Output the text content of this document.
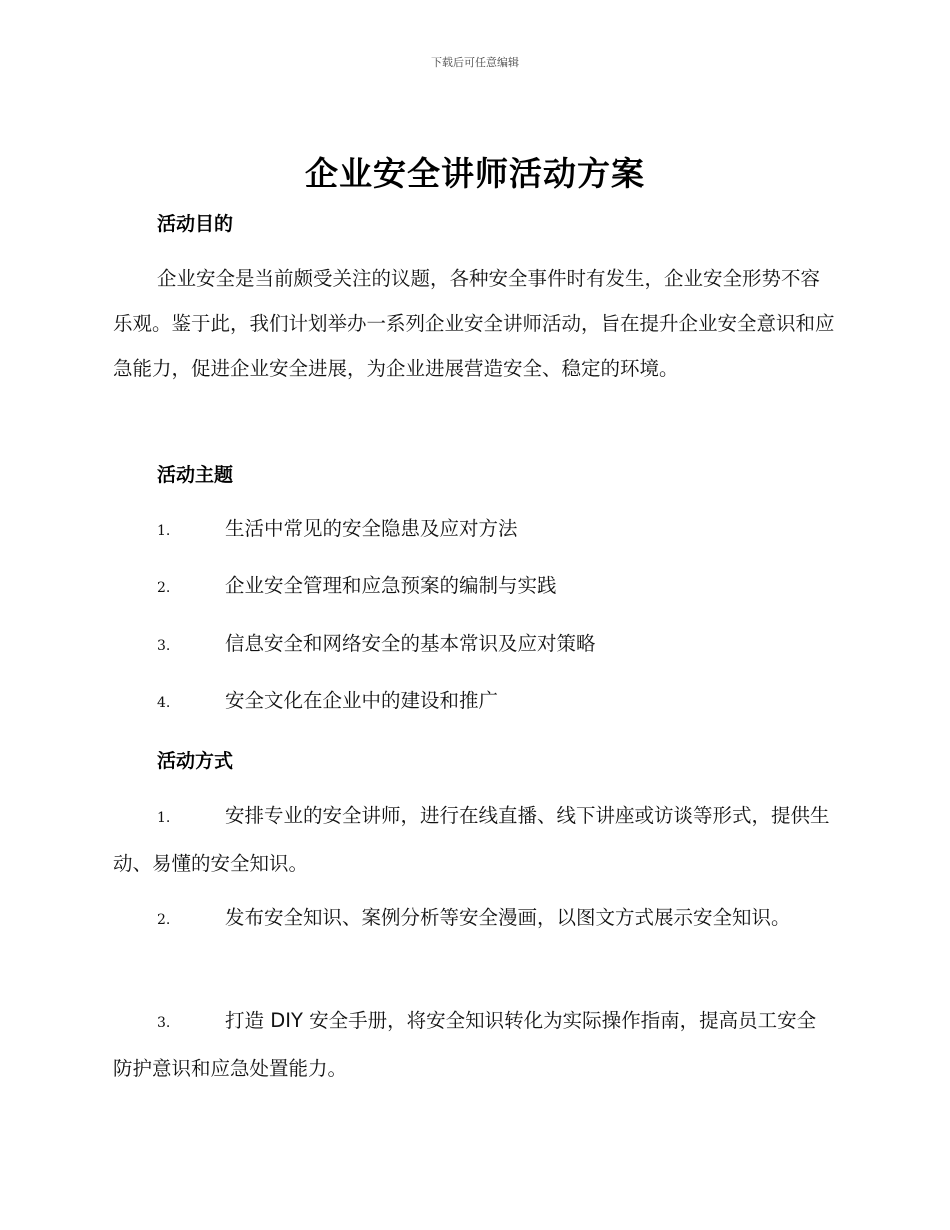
下载后可任意编辑
企业安全讲师活动方案
活动目的

企业安全是当前颇受关注的议题，各种安全事件时有发生，企业安全形势不容乐观。鉴于此，我们计划举办一系列企业安全讲师活动，旨在提升企业安全意识和应急能力，促进企业安全进展，为企业进展营造安全、稳定的环境。

活动主题

1.	生活中常见的安全隐患及应对方法

2.	企业安全管理和应急预案的编制与实践

3.	信息安全和网络安全的基本常识及应对策略

4.	安全文化在企业中的建设和推广

活动方式

1.	安排专业的安全讲师，进行在线直播、线下讲座或访谈等形式，提供生动、易懂的安全知识。

2.	发布安全知识、案例分析等安全漫画，以图文方式展示安全知识。

3.	打造 DIY 安全手册，将安全知识转化为实际操作指南，提高员工安全防护意识和应急处置能力。
